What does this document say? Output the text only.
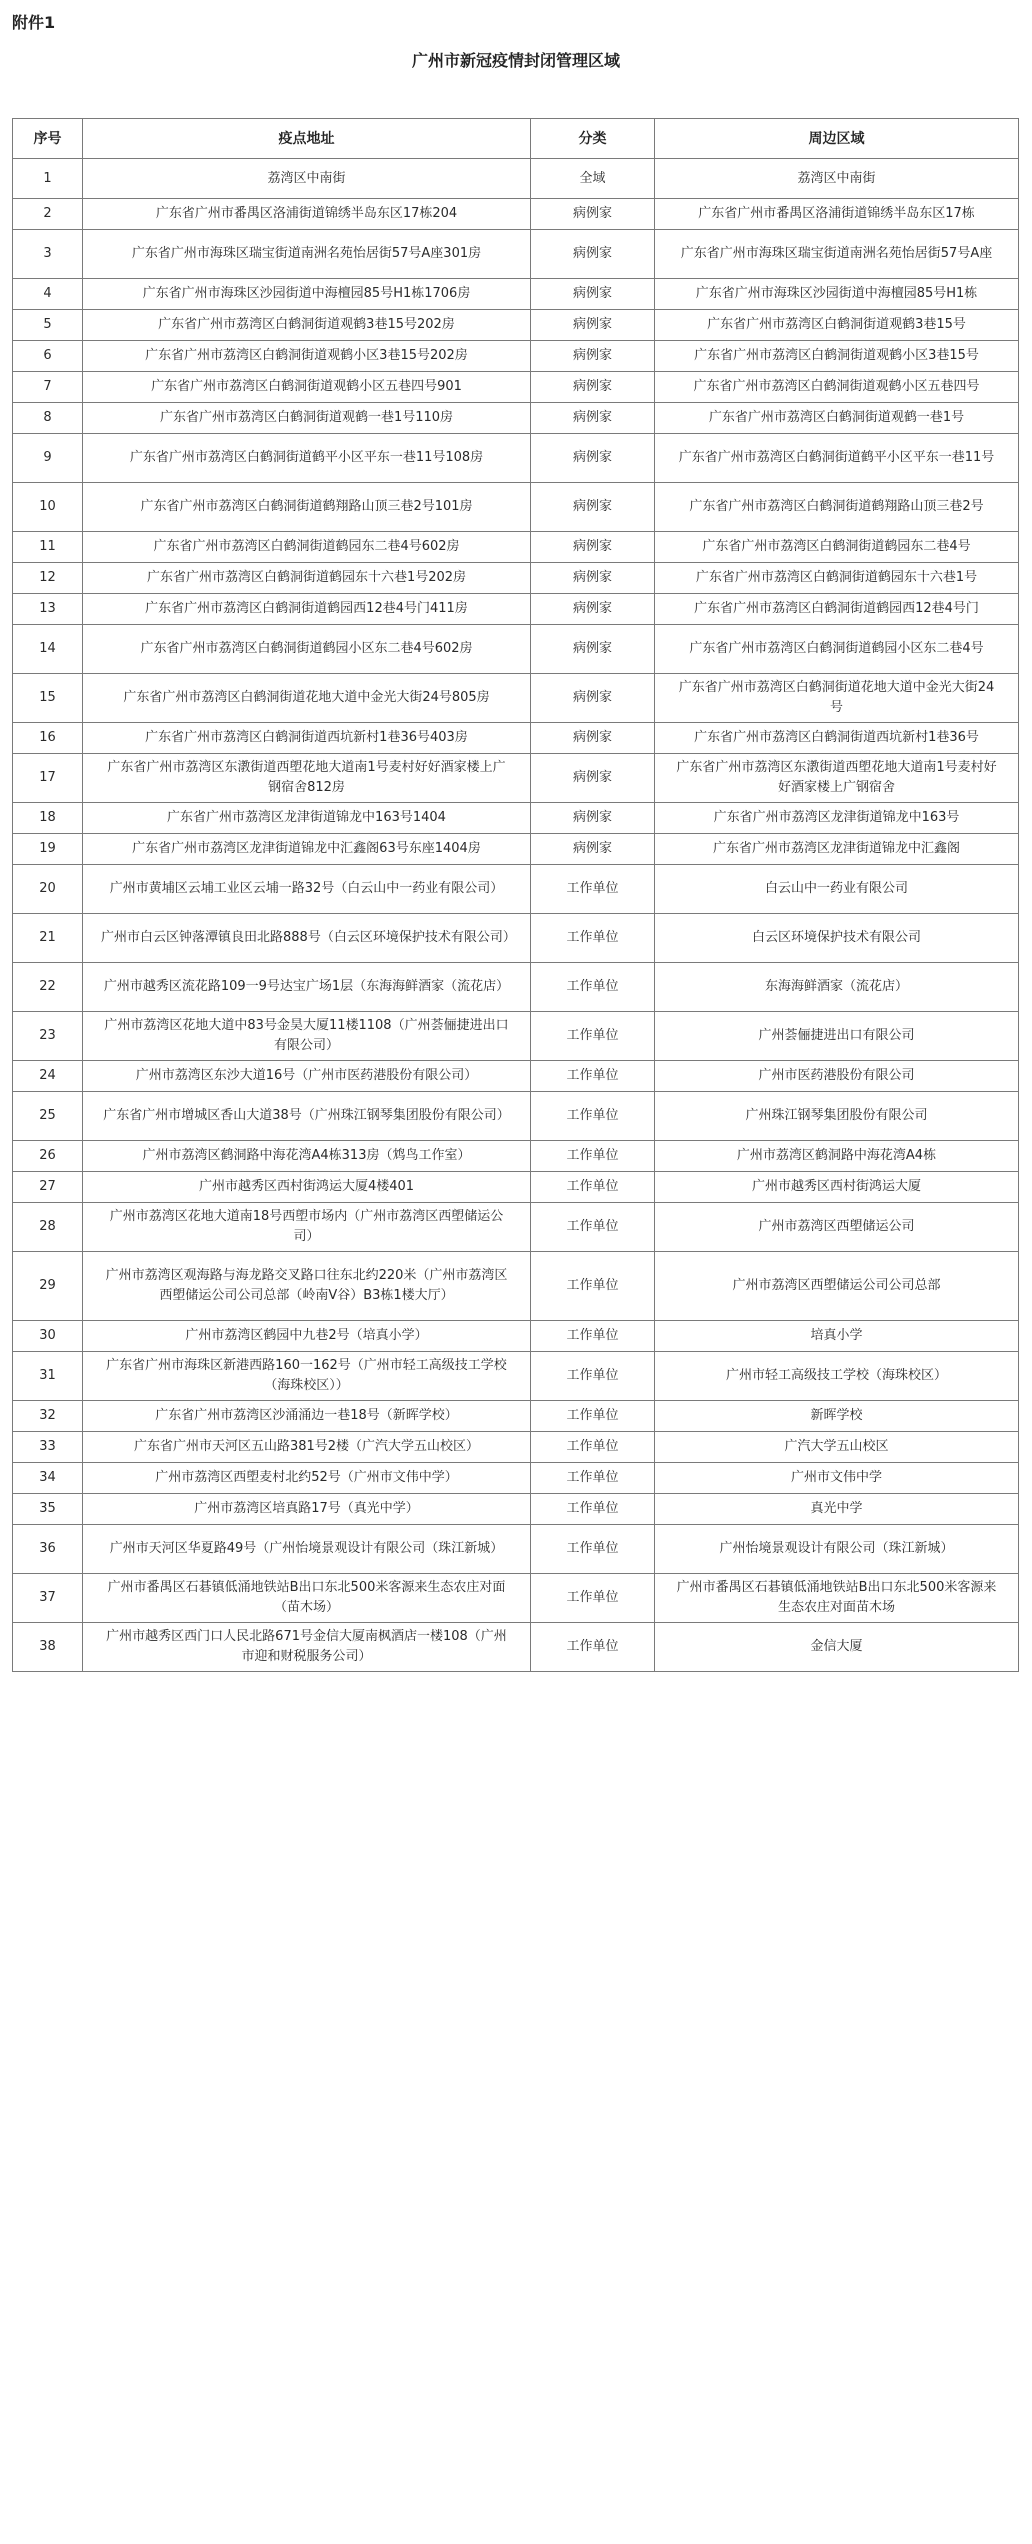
附件1
广州市新冠疫情封闭管理区域
序号	疫点地址	分类	周边区域
1	荔湾区中南街	全域	荔湾区中南街
2	广东省广州市番禺区洛浦街道锦绣半岛东区17栋204	病例家	广东省广州市番禺区洛浦街道锦绣半岛东区17栋
3	广东省广州市海珠区瑞宝街道南洲名苑怡居街57号A座301房	病例家	广东省广州市海珠区瑞宝街道南洲名苑怡居街57号A座
4	广东省广州市海珠区沙园街道中海檀园85号H1栋1706房	病例家	广东省广州市海珠区沙园街道中海檀园85号H1栋
5	广东省广州市荔湾区白鹤洞街道观鹤3巷15号202房	病例家	广东省广州市荔湾区白鹤洞街道观鹤3巷15号
6	广东省广州市荔湾区白鹤洞街道观鹤小区3巷15号202房	病例家	广东省广州市荔湾区白鹤洞街道观鹤小区3巷15号
7	广东省广州市荔湾区白鹤洞街道观鹤小区五巷四号901	病例家	广东省广州市荔湾区白鹤洞街道观鹤小区五巷四号
8	广东省广州市荔湾区白鹤洞街道观鹤一巷1号110房	病例家	广东省广州市荔湾区白鹤洞街道观鹤一巷1号
9	广东省广州市荔湾区白鹤洞街道鹤平小区平东一巷11号108房	病例家	广东省广州市荔湾区白鹤洞街道鹤平小区平东一巷11号
10	广东省广州市荔湾区白鹤洞街道鹤翔路山顶三巷2号101房	病例家	广东省广州市荔湾区白鹤洞街道鹤翔路山顶三巷2号
11	广东省广州市荔湾区白鹤洞街道鹤园东二巷4号602房	病例家	广东省广州市荔湾区白鹤洞街道鹤园东二巷4号
12	广东省广州市荔湾区白鹤洞街道鹤园东十六巷1号202房	病例家	广东省广州市荔湾区白鹤洞街道鹤园东十六巷1号
13	广东省广州市荔湾区白鹤洞街道鹤园西12巷4号门411房	病例家	广东省广州市荔湾区白鹤洞街道鹤园西12巷4号门
14	广东省广州市荔湾区白鹤洞街道鹤园小区东二巷4号602房	病例家	广东省广州市荔湾区白鹤洞街道鹤园小区东二巷4号
15	广东省广州市荔湾区白鹤洞街道花地大道中金光大街24号805房	病例家	广东省广州市荔湾区白鹤洞街道花地大道中金光大街24号
16	广东省广州市荔湾区白鹤洞街道西坑新村1巷36号403房	病例家	广东省广州市荔湾区白鹤洞街道西坑新村1巷36号
17	广东省广州市荔湾区东漖街道西塱花地大道南1号麦村好好酒家楼上广钢宿舍812房	病例家	广东省广州市荔湾区东漖街道西塱花地大道南1号麦村好好酒家楼上广钢宿舍
18	广东省广州市荔湾区龙津街道锦龙中163号1404	病例家	广东省广州市荔湾区龙津街道锦龙中163号
19	广东省广州市荔湾区龙津街道锦龙中汇鑫阁63号东座1404房	病例家	广东省广州市荔湾区龙津街道锦龙中汇鑫阁
20	广州市黄埔区云埔工业区云埔一路32号（白云山中一药业有限公司）	工作单位	白云山中一药业有限公司
21	广州市白云区钟落潭镇良田北路888号（白云区环境保护技术有限公司）	工作单位	白云区环境保护技术有限公司
22	广州市越秀区流花路109一9号达宝广场1层（东海海鲜酒家（流花店）	工作单位	东海海鲜酒家（流花店）
23	广州市荔湾区花地大道中83号金昊大厦11楼1108（广州荟俪捷进出口有限公司）	工作单位	广州荟俪捷进出口有限公司
24	广州市荔湾区东沙大道16号（广州市医药港股份有限公司）	工作单位	广州市医药港股份有限公司
25	广东省广州市增城区香山大道38号（广州珠江钢琴集团股份有限公司）	工作单位	广州珠江钢琴集团股份有限公司
26	广州市荔湾区鹤洞路中海花湾A4栋313房（鸩鸟工作室）	工作单位	广州市荔湾区鹤洞路中海花湾A4栋
27	广州市越秀区西村街鸿运大厦4楼401	工作单位	广州市越秀区西村街鸿运大厦
28	广州市荔湾区花地大道南18号西塱市场内（广州市荔湾区西塱储运公司）	工作单位	广州市荔湾区西塱储运公司
29	广州市荔湾区观海路与海龙路交叉路口往东北约220米（广州市荔湾区西塱储运公司公司总部（岭南V谷）B3栋1楼大厅）	工作单位	广州市荔湾区西塱储运公司公司总部
30	广州市荔湾区鹤园中九巷2号（培真小学）	工作单位	培真小学
31	广东省广州市海珠区新港西路160一162号（广州市轻工高级技工学校（海珠校区））	工作单位	广州市轻工高级技工学校（海珠校区）
32	广东省广州市荔湾区沙涌涌边一巷18号（新晖学校）	工作单位	新晖学校
33	广东省广州市天河区五山路381号2楼（广汽大学五山校区）	工作单位	广汽大学五山校区
34	广州市荔湾区西塱麦村北约52号（广州市文伟中学）	工作单位	广州市文伟中学
35	广州市荔湾区培真路17号（真光中学）	工作单位	真光中学
36	广州市天河区华夏路49号（广州怡境景观设计有限公司（珠江新城）	工作单位	广州怡境景观设计有限公司（珠江新城）
37	广州市番禺区石碁镇低涌地铁站B出口东北500米客源来生态农庄对面（苗木场）	工作单位	广州市番禺区石碁镇低涌地铁站B出口东北500米客源来生态农庄对面苗木场
38	广州市越秀区西门口人民北路671号金信大厦南枫酒店一楼108（广州市迎和财税服务公司）	工作单位	金信大厦
